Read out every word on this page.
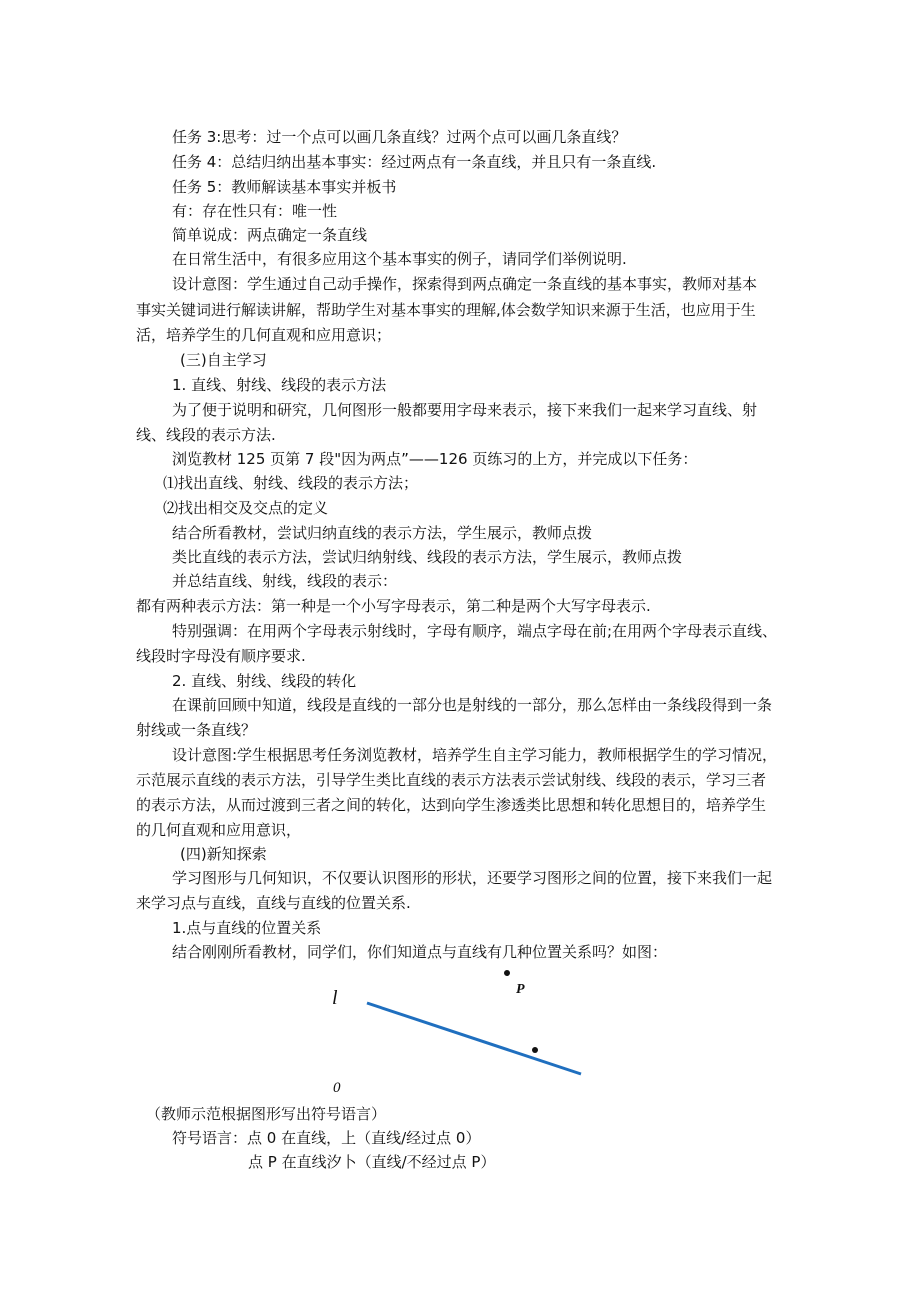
任务 3:思考：过一个点可以画几条直线？过两个点可以画几条直线？
任务 4：总结归纳出基本事实：经过两点有一条直线，并且只有一条直线.
任务 5：教师解读基本事实并板书
有：存在性只有：唯一性
简单说成：两点确定一条直线
在日常生活中，有很多应用这个基本事实的例子，请同学们举例说明.
设计意图：学生通过自己动手操作，探索得到两点确定一条直线的基本事实，教师对基本
事实关键词进行解读讲解，帮助学生对基本事实的理解,体会数学知识来源于生活，也应用于生
活，培养学生的几何直观和应用意识；
(三)自主学习
1. 直线、射线、线段的表示方法
为了便于说明和研究，几何图形一般都要用字母来表示，接下来我们一起来学习直线、射
线、线段的表示方法.
浏览教材 125 页第 7 段"因为两点”——126 页练习的上方，并完成以下任务：
⑴找出直线、射线、线段的表示方法；
⑵找出相交及交点的定义
结合所看教材，尝试归纳直线的表示方法，学生展示，教师点拨
类比直线的表示方法，尝试归纳射线、线段的表示方法，学生展示，教师点拨
并总结直线、射线，线段的表示：
都有两种表示方法：第一种是一个小写字母表示，第二种是两个大写字母表示.
特别强调：在用两个字母表示射线时，字母有顺序，端点字母在前;在用两个字母表示直线、
线段时字母没有顺序要求.
2. 直线、射线、线段的转化
在课前回顾中知道，线段是直线的一部分也是射线的一部分，那么怎样由一条线段得到一条
射线或一条直线？
设计意图:学生根据思考任务浏览教材，培养学生自主学习能力，教师根据学生的学习情况，
示范展示直线的表示方法，引导学生类比直线的表示方法表示尝试射线、线段的表示，学习三者
的表示方法，从而过渡到三者之间的转化，达到向学生渗透类比思想和转化思想目的，培养学生
的几何直观和应用意识，
(四)新知探索
学习图形与几何知识，不仅要认识图形的形状，还要学习图形之间的位置，接下来我们一起
来学习点与直线，直线与直线的位置关系.
1.点与直线的位置关系
结合刚刚所看教材，同学们，你们知道点与直线有几种位置关系吗？如图：
l	P
0
（教师示范根据图形写出符号语言）
符号语言：点 0 在直线，上（直线/经过点 0）
点 P 在直线汐卜（直线/不经过点 P）
